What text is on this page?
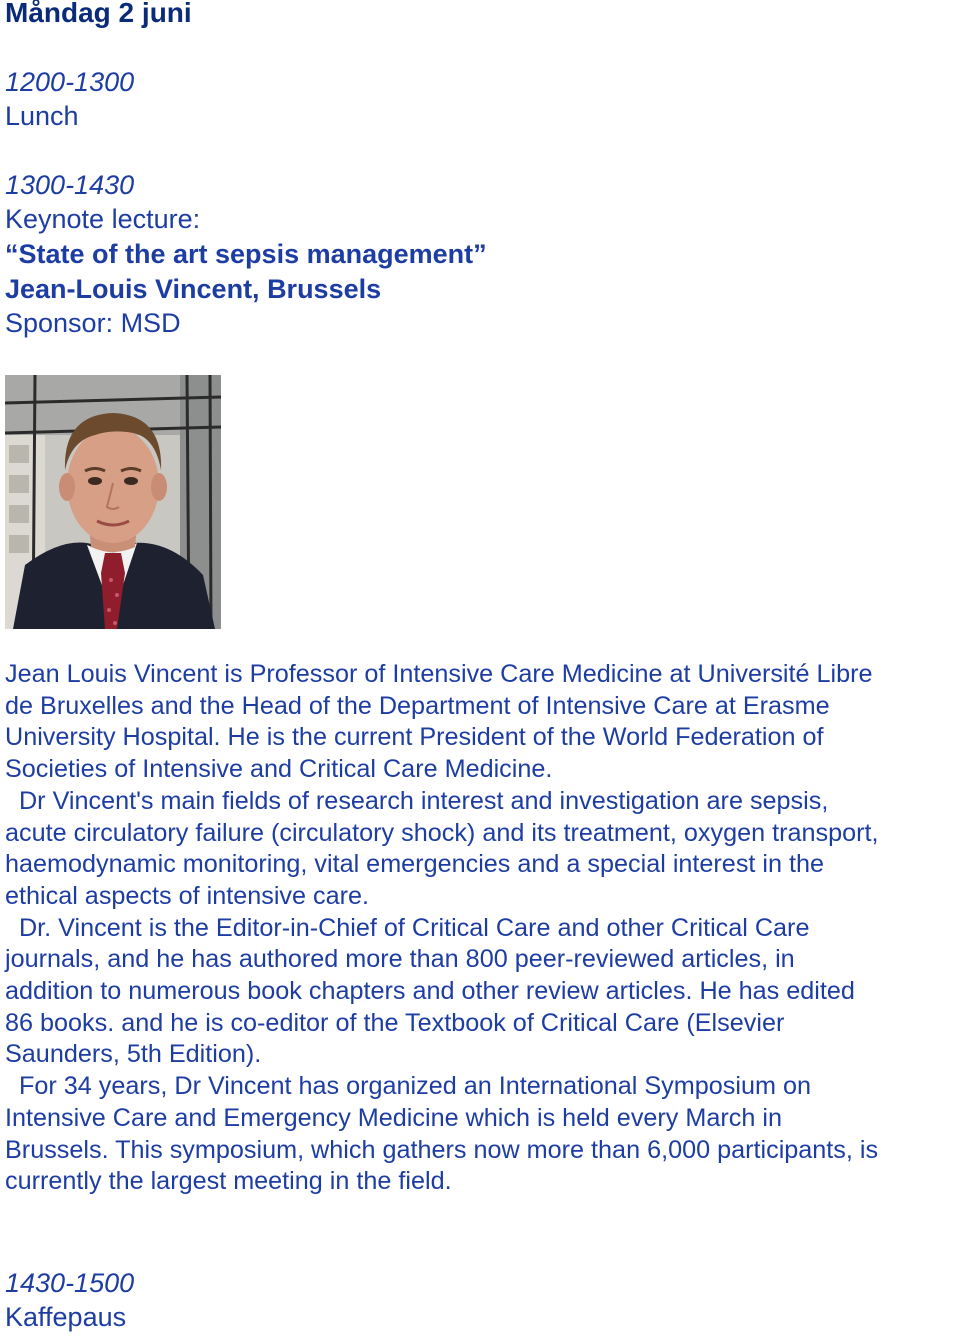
Måndag 2 juni
1200-1300
Lunch
1300-1430
Keynote lecture:
“State of the art sepsis management”
Jean-Louis Vincent, Brussels
Sponsor: MSD
Jean Louis Vincent is Professor of Intensive Care Medicine at Université Libre
de Bruxelles and the Head of the Department of Intensive Care at Erasme
University Hospital. He is the current President of the World Federation of
Societies of Intensive and Critical Care Medicine.
Dr Vincent's main fields of research interest and investigation are sepsis,
acute circulatory failure (circulatory shock) and its treatment, oxygen transport,
haemodynamic monitoring, vital emergencies and a special interest in the
ethical aspects of intensive care.
Dr. Vincent is the Editor-in-Chief of Critical Care and other Critical Care
journals, and he has authored more than 800 peer-reviewed articles, in
addition to numerous book chapters and other review articles. He has edited
86 books. and he is co-editor of the Textbook of Critical Care (Elsevier
Saunders, 5th Edition).
For 34 years, Dr Vincent has organized an International Symposium on
Intensive Care and Emergency Medicine which is held every March in
Brussels. This symposium, which gathers now more than 6,000 participants, is
currently the largest meeting in the field.
1430-1500
Kaffepaus
